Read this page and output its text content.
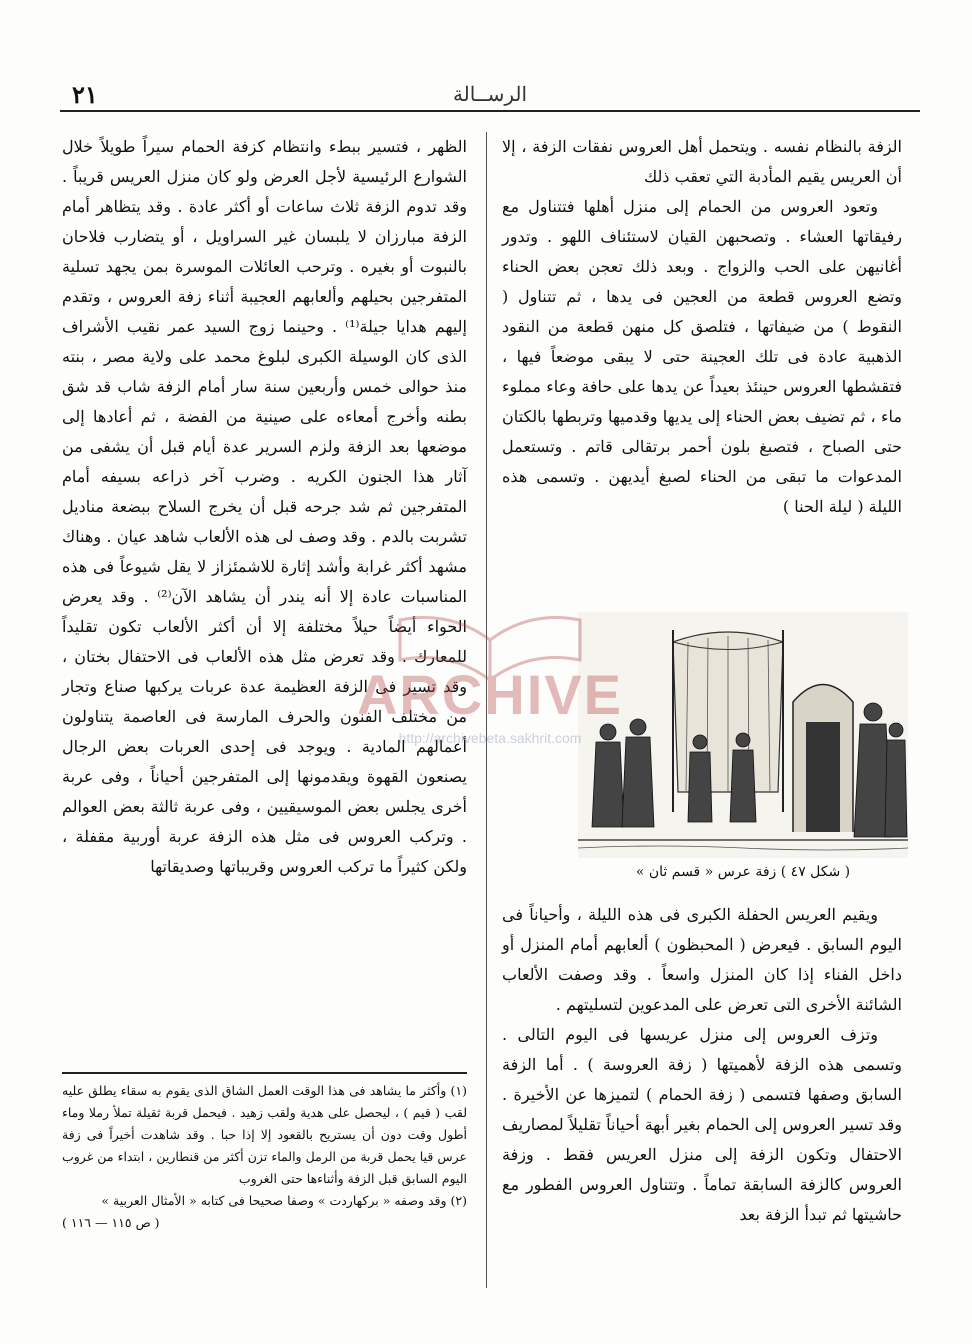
٢١	الرســالة

الزفة بالنظام نفسه . ويتحمل أهل العروس نفقات الزفة ، إلا أن العريس يقيم المأدبة التي تعقب ذلك

وتعود العروس من الحمام إلى منزل أهلها فتتناول مع رفيقاتها العشاء . وتصحبهن القيان لاستئناف اللهو . وتدور أغانيهن على الحب والزواج . وبعد ذلك تعجن بعض الحناء وتضع العروس قطعة من العجين فى يدها ، ثم تتناول ( النقوط ) من ضيفاتها ، فتلصق كل منهن قطعة من النقود الذهبية عادة فى تلك العجينة حتى لا يبقى موضعاً فيها ، فتقشطها العروس حينئذ بعيداً عن يدها على حافة وعاء مملوء ماء ، ثم تضيف بعض الحناء إلى يديها وقدميها وتربطها بالكتان حتى الصباح ، فتصبغ بلون أحمر برتقالى قاتم . وتستعمل المدعوات ما تبقى من الحناء لصبغ أيديهن . وتسمى هذه الليلة ( ليلة الحنا )

( شكل ٤٧ ) زفة عرس « قسم ثان »

ويقيم العريس الحفلة الكبرى فى هذه الليلة ، وأحياناً فى اليوم السابق . فيعرض ( المحبظون ) ألعابهم أمام المنزل أو داخل الفناء إذا كان المنزل واسعاً . وقد وصفت الألعاب الشائنة الأخرى التى تعرض على المدعوين لتسليتهم .

وتزف العروس إلى منزل عريسها فى اليوم التالى . وتسمى هذه الزفة لأهميتها ( زفة العروسة ) . أما الزفة السابق وصفها فتسمى ( زفة الحمام ) لتميزها عن الأخيرة . وقد تسير العروس إلى الحمام بغير أبهة أحياناً تقليلاً لمصاريف الاحتفال وتكون الزفة إلى منزل العريس فقط . وزفة العروس كالزفة السابقة تماماً . وتتناول العروس الفطور مع حاشيتها ثم تبدأ الزفة بعد

الظهر ، فتسير ببطء وانتظام كزفة الحمام سيراً طويلاً خلال الشوارع الرئيسية لأجل العرض ولو كان منزل العريس قريباً . وقد تدوم الزفة ثلاث ساعات أو أكثر عادة . وقد يتظاهر أمام الزفة مبارزان لا يلبسان غير السراويل ، أو يتضارب فلاحان بالنبوت أو بغيره . وترحب العائلات الموسرة بمن يجهد تسلية المتفرجين بحيلهم وألعابهم العجيبة أثناء زفة العروس ، وتقدم إليهم هدايا جيلة⁽¹⁾ . وحينما زوج السيد عمر نقيب الأشراف الذى كان الوسيلة الكبرى لبلوغ محمد على ولاية مصر ، بنته منذ حوالى خمس وأربعين سنة سار أمام الزفة شاب قد شق بطنه وأخرج أمعاءه على صينية من الفضة ، ثم أعادها إلى موضعها بعد الزفة ولزم السرير عدة أيام قبل أن يشفى من آثار هذا الجنون الكريه . وضرب آخر ذراعه بسيفه أمام المتفرجين ثم شد جرحه قبل أن يخرج السلاح ببضعة مناديل تشربت بالدم . وقد وصف لى هذه الألعاب شاهد عيان . وهناك مشهد أكثر غرابة وأشد إثارة للاشمئزاز لا يقل شيوعاً فى هذه المناسبات عادة إلا أنه يندر أن يشاهد الآن⁽²⁾ . وقد يعرض الحواء أيضاً حيلاً مختلفة إلا أن أكثر الألعاب تكون تقليداً للمعارك . وقد تعرض مثل هذه الألعاب فى الاحتفال بختان ، وقد تسير فى الزفة العظيمة عدة عربات يركبها صناع وتجار من مختلف الفنون والحرف المارسة فى العاصمة يتناولون أعمالهم المادية . ويوجد فى إحدى العربات بعض الرجال يصنعون القهوة ويقدمونها إلى المتفرجين أحياناً ، وفى عربة أخرى يجلس بعض الموسيقيين ، وفى عربة ثالثة بعض العوالم . وتركب العروس فى مثل هذه الزفة عربة أوربية مقفلة ، ولكن كثيراً ما تركب العروس وقريباتها وصديقاتها

(١) وأكثر ما يشاهد فى هذا الوقت العمل الشاق الذى يقوم به سقاء يطلق عليه لقب ( قيم ) ، ليحصل على هدية ولقب زهيد . فيحمل قربة ثقيلة تملأ رملا وماء أطول وقت دون أن يستريح بالقعود إلا إذا حبا . وقد شاهدت أخيراً فى زفة عرس قيا يحمل قربة من الرمل والماء تزن أكثر من قنطارين ، ابتداء من غروب اليوم السابق قبل الزفة وأثناءها حتى الغروب

(٢) وقد وصفه « بركهاردت » وصفا صحيحا فى كتابه « الأمثال العربية »

( ص ١١٥ — ١١٦ )

ARCHIVE
http://archivebeta.sakhrit.com
